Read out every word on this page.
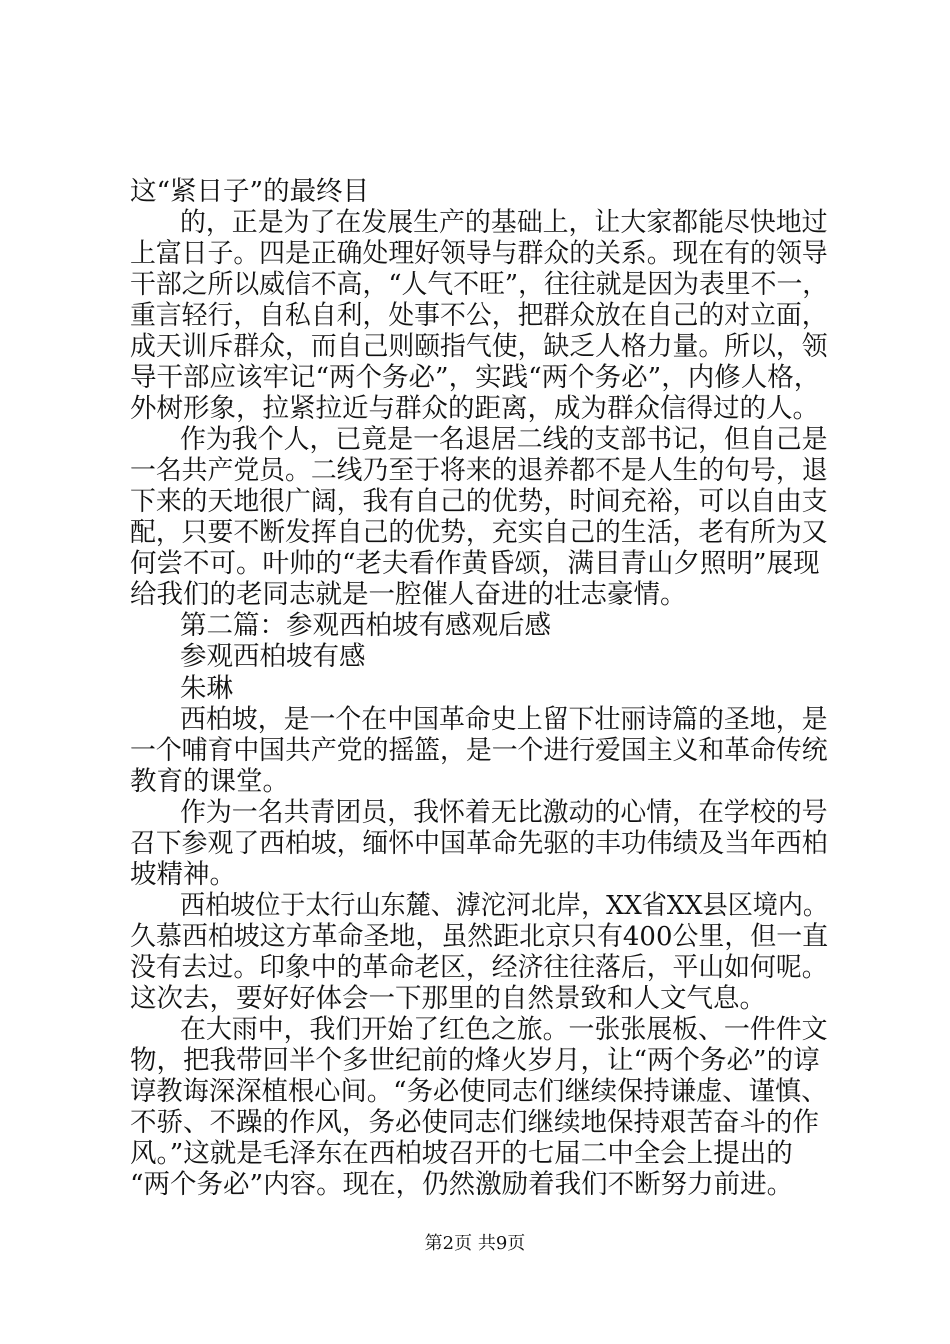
这“紧日子”的最终目
的，正是为了在发展生产的基础上，让大家都能尽快地过
上富日子。四是正确处理好领导与群众的关系。现在有的领导
干部之所以威信不高，“人气不旺”，往往就是因为表里不一，
重言轻行，自私自利，处事不公，把群众放在自己的对立面，
成天训斥群众，而自己则颐指气使，缺乏人格力量。所以，领
导干部应该牢记“两个务必”，实践“两个务必”，内修人格，
外树形象，拉紧拉近与群众的距离，成为群众信得过的人。
作为我个人，已竟是一名退居二线的支部书记，但自己是
一名共产党员。二线乃至于将来的退养都不是人生的句号，退
下来的天地很广阔，我有自己的优势，时间充裕，可以自由支
配，只要不断发挥自己的优势，充实自己的生活，老有所为又
何尝不可。叶帅的“老夫看作黄昏颂，满目青山夕照明”展现
给我们的老同志就是一腔催人奋进的壮志豪情。
第二篇：参观西柏坡有感观后感
参观西柏坡有感
朱琳
西柏坡，是一个在中国革命史上留下壮丽诗篇的圣地，是
一个哺育中国共产党的摇篮，是一个进行爱国主义和革命传统
教育的课堂。
作为一名共青团员，我怀着无比激动的心情，在学校的号
召下参观了西柏坡，缅怀中国革命先驱的丰功伟绩及当年西柏
坡精神。
西柏坡位于太行山东麓、滹沱河北岸，XX省XX县区境内。
久慕西柏坡这方革命圣地，虽然距北京只有400公里，但一直
没有去过。印象中的革命老区，经济往往落后，平山如何呢。
这次去，要好好体会一下那里的自然景致和人文气息。
在大雨中，我们开始了红色之旅。一张张展板、一件件文
物，把我带回半个多世纪前的烽火岁月，让“两个务必”的谆
谆教诲深深植根心间。“务必使同志们继续保持谦虚、谨慎、
不骄、不躁的作风，务必使同志们继续地保持艰苦奋斗的作
风。”这就是毛泽东在西柏坡召开的七届二中全会上提出的
“两个务必”内容。现在，仍然激励着我们不断努力前进。
第2页 共9页
